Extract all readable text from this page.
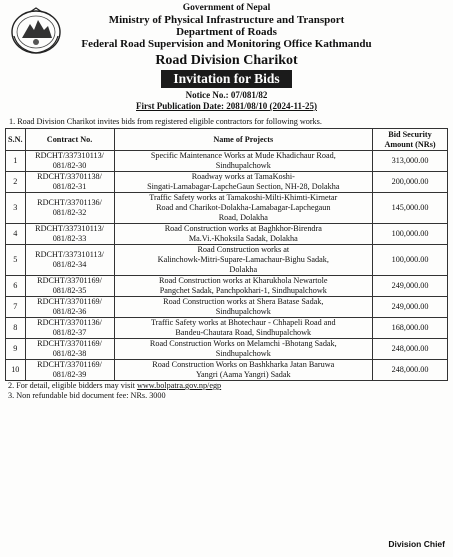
Government of Nepal
Ministry of Physical Infrastructure and Transport
Department of Roads
Federal Road Supervision and Monitoring Office Kathmandu
Road Division Charikot
Invitation for Bids
Notice No.: 07/081/82
First Publication Date: 2081/08/10 (2024-11-25)
1. Road Division Charikot invites bids from registered eligible contractors for following works.
S.N.	Contract No.	Name of Projects	Bid Security Amount (NRs)
1	RDCHT/337310113/
081/82-30	Specific Maintenance Works at Mude Khadichaur Road,
Sindhupalchowk	313,000.00
2	RDCHT/33701138/
081/82-31	Roadway works at TamaKoshi-
Singati-Lamabagar-LapcheGaun Section, NH-28, Dolakha	200,000.00
3	RDCHT/33701136/
081/82-32	Traffic Safety works at Tamakoshi-Milti-Khimti-Kirnetar
Road and Charikot-Dolakha-Lamabagar-Lapchegaun
Road, Dolakha	145,000.00
4	RDCHT/337310113/
081/82-33	Road Construction works at Baghkhor-Birendra
Ma.Vi.-Khoksila Sadak, Dolakha	100,000.00
5	RDCHT/337310113/
081/82-34	Road Construction works at
Kalinchowk-Mitri-Supare-Lamachaur-Bighu Sadak,
Dolakha	100,000.00
6	RDCHT/33701169/
081/82-35	Road Construction works at Kharukhola Newartole
Pangchet Sadak, Panchpokhari-1, Sindhupalchowk	249,000.00
7	RDCHT/33701169/
081/82-36	Road Construction works at Shera Batase Sadak,
Sindhupalchowk	249,000.00
8	RDCHT/33701136/
081/82-37	Traffic Safety works at Bhotechaur - Chhapeli Road and
Bandeu-Chautara Road, Sindhupalchowk	168,000.00
9	RDCHT/33701169/
081/82-38	Road Construction Works on Melamchi -Bhotang Sadak,
Sindhupalchowk	248,000.00
10	RDCHT/33701169/
081/82-39	Road Construction Works on Bashkharka Jatan Baruwa
Yangri (Aama Yangri) Sadak	248,000.00
2. For detail, eligible bidders may visit www.bolpatra.gov.np/egp
3. Non refundable bid document fee: NRs. 3000
Division Chief
